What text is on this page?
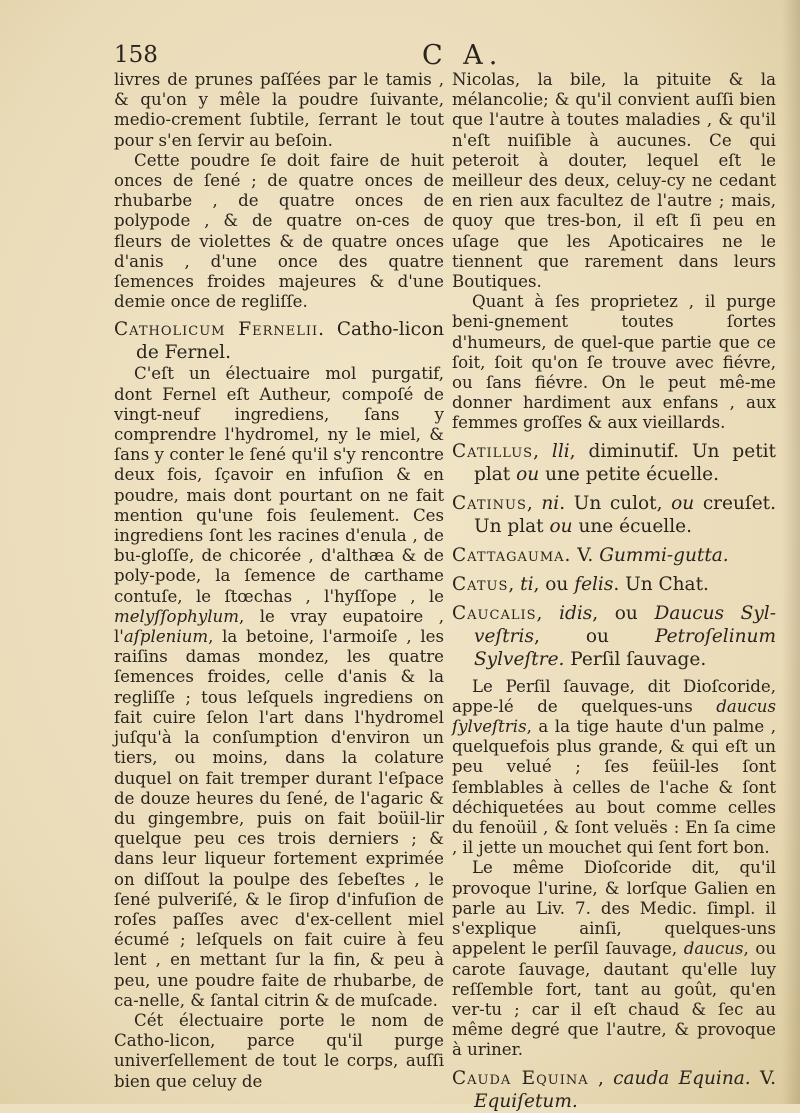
158	C A.

livres de prunes paſſées par le tamis , & qu'on y mêle la poudre ſuivante, medio-crement ſubtile, ſerrant le tout pour s'en ſervir au beſoin.

Cette poudre ſe doit faire de huit onces de ſené ; de quatre onces de rhubarbe , de quatre onces de polypode , & de quatre on-ces de fleurs de violettes & de quatre onces d'anis , d'une once des quatre ſemences froides majeures & d'une demie once de regliſſe.

Catholicum Fernelii. Catho-licon de Fernel.

C'eſt un électuaire mol purgatif, dont Fernel eſt Autheur, compoſé de vingt-neuf ingrediens, ſans y comprendre l'hydromel, ny le miel, & ſans y conter le ſené qu'il s'y rencontre deux fois, ſçavoir en infuſion & en poudre, mais dont pourtant on ne fait mention qu'une fois ſeulement. Ces ingrediens ſont les racines d'enula , de bu-gloſſe, de chicorée , d'althæa & de poly-pode, la ſemence de carthame contuſe, le ſtœchas , l'hyſſope , le melyſſophylum, le vray eupatoire , l'aſplenium, la betoine, l'armoiſe , les raiſins damas mondez, les quatre ſemences froides, celle d'anis & la regliſſe ; tous leſquels ingrediens on fait cuire ſelon l'art dans l'hydromel juſqu'à la conſumption d'environ un tiers, ou moins, dans la colature duquel on fait tremper durant l'eſpace de douze heures du ſené, de l'agaric & du gingembre, puis on fait boüil-lir quelque peu ces trois derniers ; & dans leur liqueur fortement exprimée on diſſout la poulpe des ſebeſtes , le ſené pulveriſé, & le ſirop d'infuſion de roſes paſſes avec d'ex-cellent miel écumé ; leſquels on fait cuire à feu lent , en mettant ſur la fin, & peu à peu, une poudre faite de rhubarbe, de ca-nelle, & ſantal citrin & de muſcade.

Cét électuaire porte le nom de Catho-licon, parce qu'il purge univerſellement de tout le corps, auſſi bien que celuy de

Nicolas, la bile, la pituite & la mélancolie; & qu'il convient auſſi bien que l'autre à toutes maladies , & qu'il n'eſt nuiſible à aucunes. Ce qui peteroit à douter, lequel eſt le meilleur des deux, celuy-cy ne cedant en rien aux facultez de l'autre ; mais, quoy que tres-bon, il eſt ſi peu en uſage que les Apoticaires ne le tiennent que rarement dans leurs Boutiques.

Quant à ſes proprietez , il purge beni-gnement toutes ſortes d'humeurs, de quel-que partie que ce ſoit, ſoit qu'on ſe trouve avec fiévre, ou ſans fiévre. On le peut mê-me donner hardiment aux enfans , aux femmes groſſes & aux vieillards.

Catillus, lli, diminutif. Un petit plat ou une petite écuelle.

Catinus, ni. Un culot, ou creuſet. Un plat ou une écuelle.

Cattagauma. V. Gummi-gutta.

Catus, ti, ou felis. Un Chat.

Caucalis, idis, ou Daucus Syl-veſtris, ou Petroſelinum Sylveſtre. Perſil ſauvage.

Le Perſil ſauvage, dit Dioſcoride, appe-lé de quelques-uns daucus ſylveſtris, a la tige haute d'un palme , quelquefois plus grande, & qui eſt un peu velué ; ſes feüil-les ſont ſemblables à celles de l'ache & ſont déchiquetées au bout comme celles du fenoüil , & ſont veluës : En ſa cime , il jette un mouchet qui ſent fort bon.

Le même Dioſcoride dit, qu'il provoque l'urine, & lorſque Galien en parle au Liv. 7. des Medic. ſimpl. il s'explique ainſi, quelques-uns appelent le perſil ſauvage, daucus, ou carote ſauvage, dautant qu'elle luy reſſemble fort, tant au goût, qu'en ver-tu ; car il eſt chaud & ſec au même degré que l'autre, & provoque à uriner.

Cauda Equina , cauda Equina. V. Equiſetum.
